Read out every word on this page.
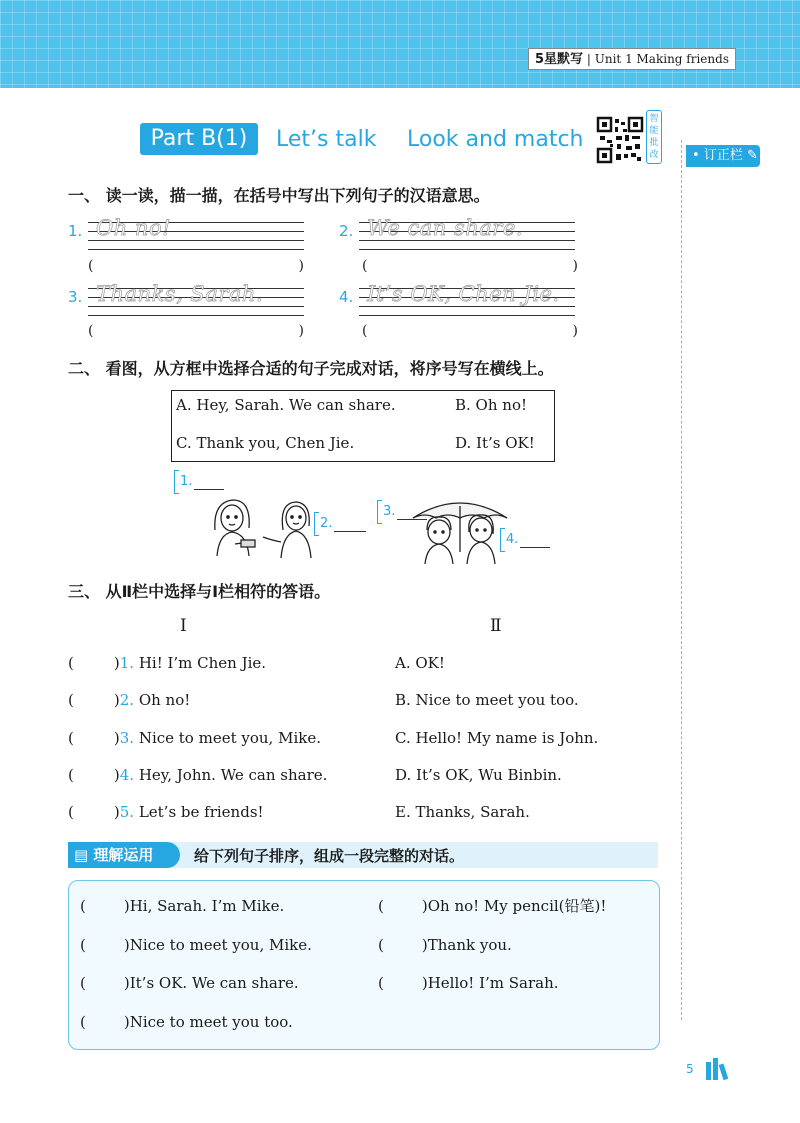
5星默写 | Unit 1 Making friends
Part B(1)	Let’s talk Look and match
智能批改	• 订正栏 ✎
一、 读一读，描一描，在括号中写出下列句子的汉语意思。
1. Oh no!
(	)
2. We can share.
(	)
3. Thanks, Sarah.
(	)
4. It’s OK, Chen Jie.
(	)
二、 看图，从方框中选择合适的句子完成对话，将序号写在横线上。
A. Hey, Sarah. We can share.	B. Oh no!
C. Thank you, Chen Jie.	D. It’s OK!
1.
2.
3.
4.
三、 从Ⅱ栏中选择与Ⅰ栏相符的答语。
Ⅰ	Ⅱ
(	)1. Hi! I’m Chen Jie.	A. OK!
(	)2. Oh no!	B. Nice to meet you too.
(	)3. Nice to meet you, Mike.	C. Hello! My name is John.
(	)4. Hey, John. We can share.	D. It’s OK, Wu Binbin.
(	)5. Let’s be friends!	E. Thanks, Sarah.
▤ 理解运用	给下列句子排序，组成一段完整的对话。
(	)Hi, Sarah. I’m Mike.	(	)Oh no! My pencil(铅笔)!
(	)Nice to meet you, Mike.	(	)Thank you.
(	)It’s OK. We can share.	(	)Hello! I’m Sarah.
(	)Nice to meet you too.
5
